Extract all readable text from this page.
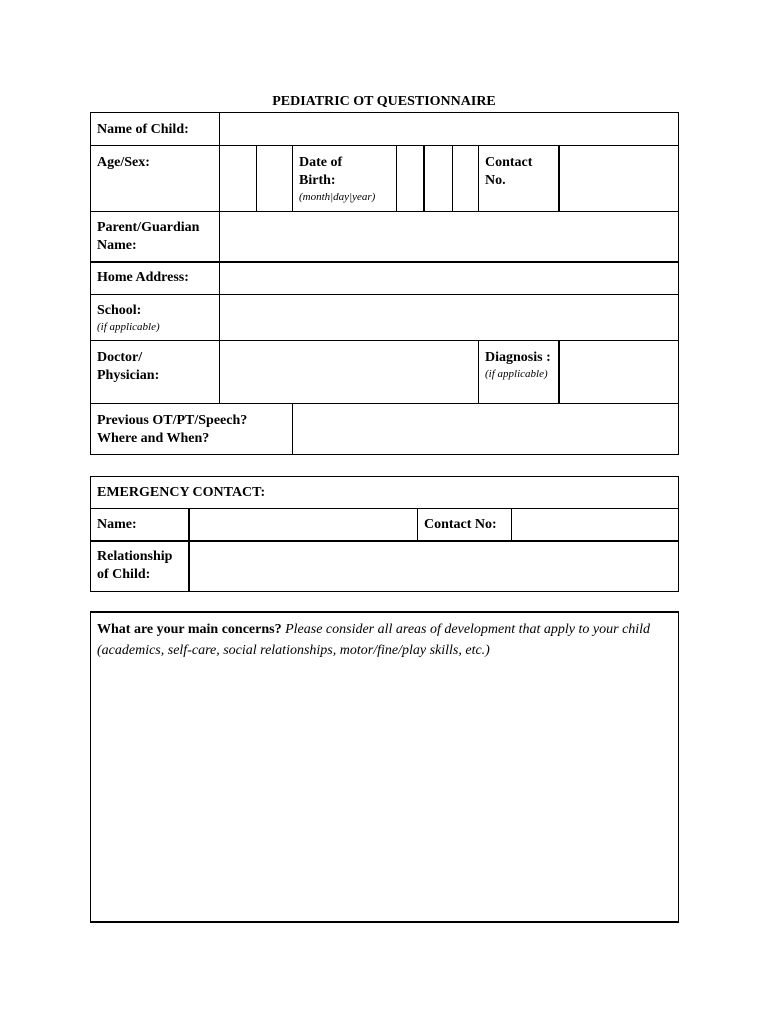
PEDIATRIC OT QUESTIONNAIRE
Name of Child:
Age/Sex:	Date of Birth:
(month|day|year)
Contact No.
Parent/Guardian Name:
Home Address:
School:
(if applicable)
Doctor/ Physician:
Diagnosis :
(if applicable)
Previous OT/PT/Speech? Where and When?
EMERGENCY CONTACT:
Name:	Contact No:
Relationship of Child:
What are your main concerns? Please consider all areas of development that apply to your child (academics, self-care, social relationships, motor/fine/play skills, etc.)
